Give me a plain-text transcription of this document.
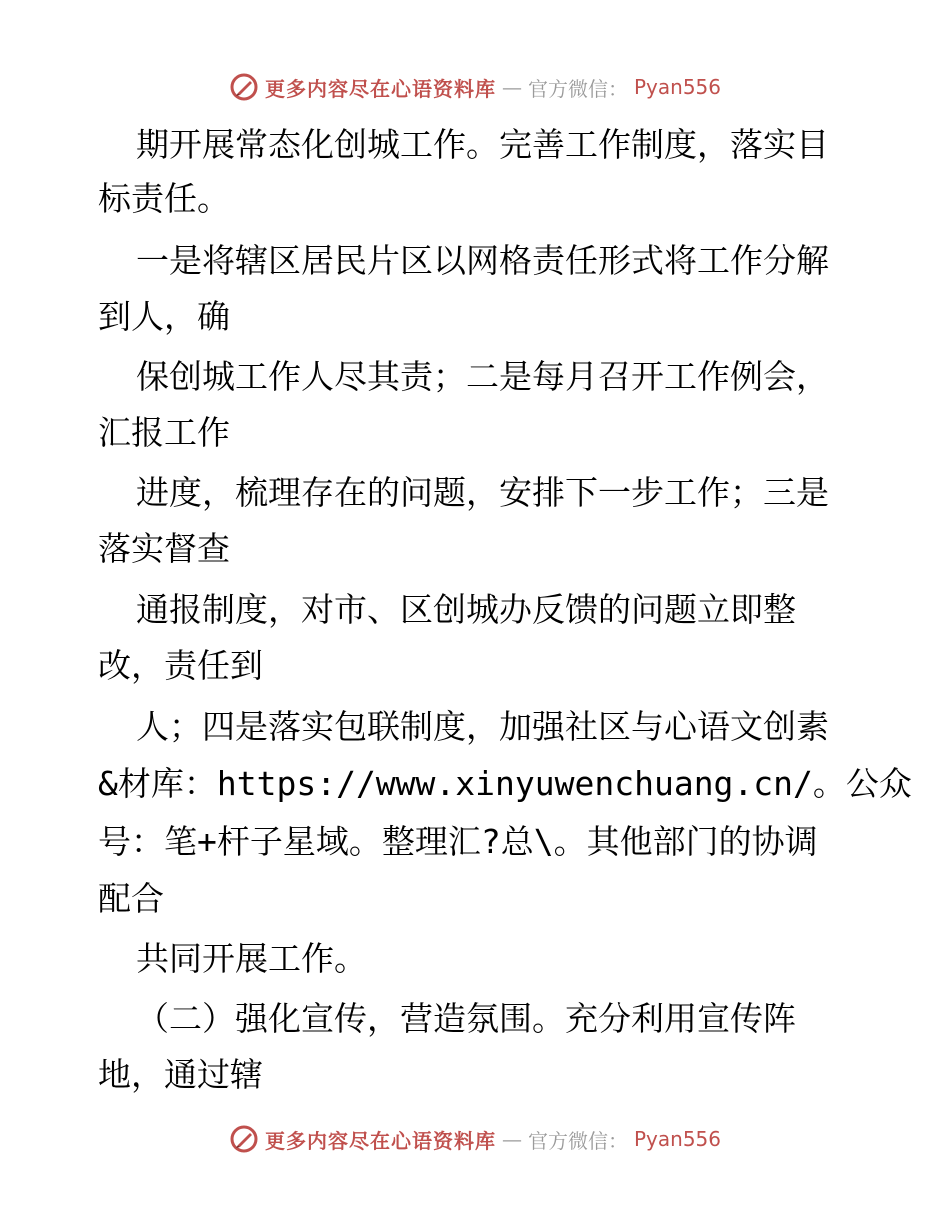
更多内容尽在心语资料库 — 官方微信： Pyan556
期开展常态化创城工作。完善工作制度，落实目
标责任。
一是将辖区居民片区以网格责任形式将工作分解
到人，确
保创城工作人尽其责；二是每月召开工作例会，
汇报工作
进度，梳理存在的问题，安排下一步工作；三是
落实督查
通报制度，对市、区创城办反馈的问题立即整
改，责任到
人；四是落实包联制度，加强社区与心语文创素
&材库：https://www.xinyuwenchuang.cn/。公众
号：笔+杆子星域。整理汇?总\。其他部门的协调
配合
共同开展工作。
（二）强化宣传，营造氛围。充分利用宣传阵
地，通过辖
更多内容尽在心语资料库 — 官方微信： Pyan556
